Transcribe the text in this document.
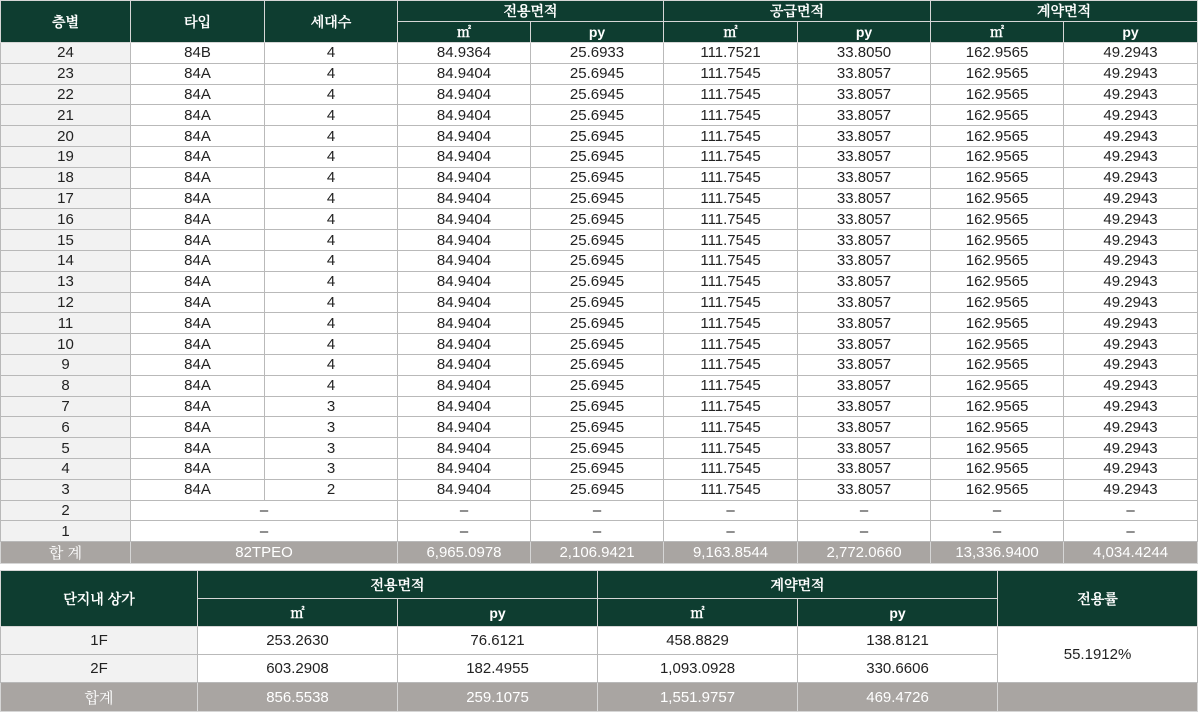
층별	타입	세대수	전용면적		공급면적		계약면적	
			㎡	py	㎡	py	㎡	py
24	84B	4	84.9364	25.6933	111.7521	33.8050	162.9565	49.2943
23	84A	4	84.9404	25.6945	111.7545	33.8057	162.9565	49.2943
22	84A	4	84.9404	25.6945	111.7545	33.8057	162.9565	49.2943
21	84A	4	84.9404	25.6945	111.7545	33.8057	162.9565	49.2943
20	84A	4	84.9404	25.6945	111.7545	33.8057	162.9565	49.2943
19	84A	4	84.9404	25.6945	111.7545	33.8057	162.9565	49.2943
18	84A	4	84.9404	25.6945	111.7545	33.8057	162.9565	49.2943
17	84A	4	84.9404	25.6945	111.7545	33.8057	162.9565	49.2943
16	84A	4	84.9404	25.6945	111.7545	33.8057	162.9565	49.2943
15	84A	4	84.9404	25.6945	111.7545	33.8057	162.9565	49.2943
14	84A	4	84.9404	25.6945	111.7545	33.8057	162.9565	49.2943
13	84A	4	84.9404	25.6945	111.7545	33.8057	162.9565	49.2943
12	84A	4	84.9404	25.6945	111.7545	33.8057	162.9565	49.2943
11	84A	4	84.9404	25.6945	111.7545	33.8057	162.9565	49.2943
10	84A	4	84.9404	25.6945	111.7545	33.8057	162.9565	49.2943
9	84A	4	84.9404	25.6945	111.7545	33.8057	162.9565	49.2943
8	84A	4	84.9404	25.6945	111.7545	33.8057	162.9565	49.2943
7	84A	3	84.9404	25.6945	111.7545	33.8057	162.9565	49.2943
6	84A	3	84.9404	25.6945	111.7545	33.8057	162.9565	49.2943
5	84A	3	84.9404	25.6945	111.7545	33.8057	162.9565	49.2943
4	84A	3	84.9404	25.6945	111.7545	33.8057	162.9565	49.2943
3	84A	2	84.9404	25.6945	111.7545	33.8057	162.9565	49.2943
2	–		–	–	–	–	–	–
1	–		–	–	–	–	–	–
합 계	82TPEO		6,965.0978	2,106.9421	9,163.8544	2,772.0660	13,336.9400	4,034.4244
단지내 상가	전용면적		계약면적		전용률
	㎡	py	㎡	py	
1F	253.2630	76.6121	458.8829	138.8121	55.1912%
2F	603.2908	182.4955	1,093.0928	330.6606	
합계	856.5538	259.1075	1,551.9757	469.4726	
